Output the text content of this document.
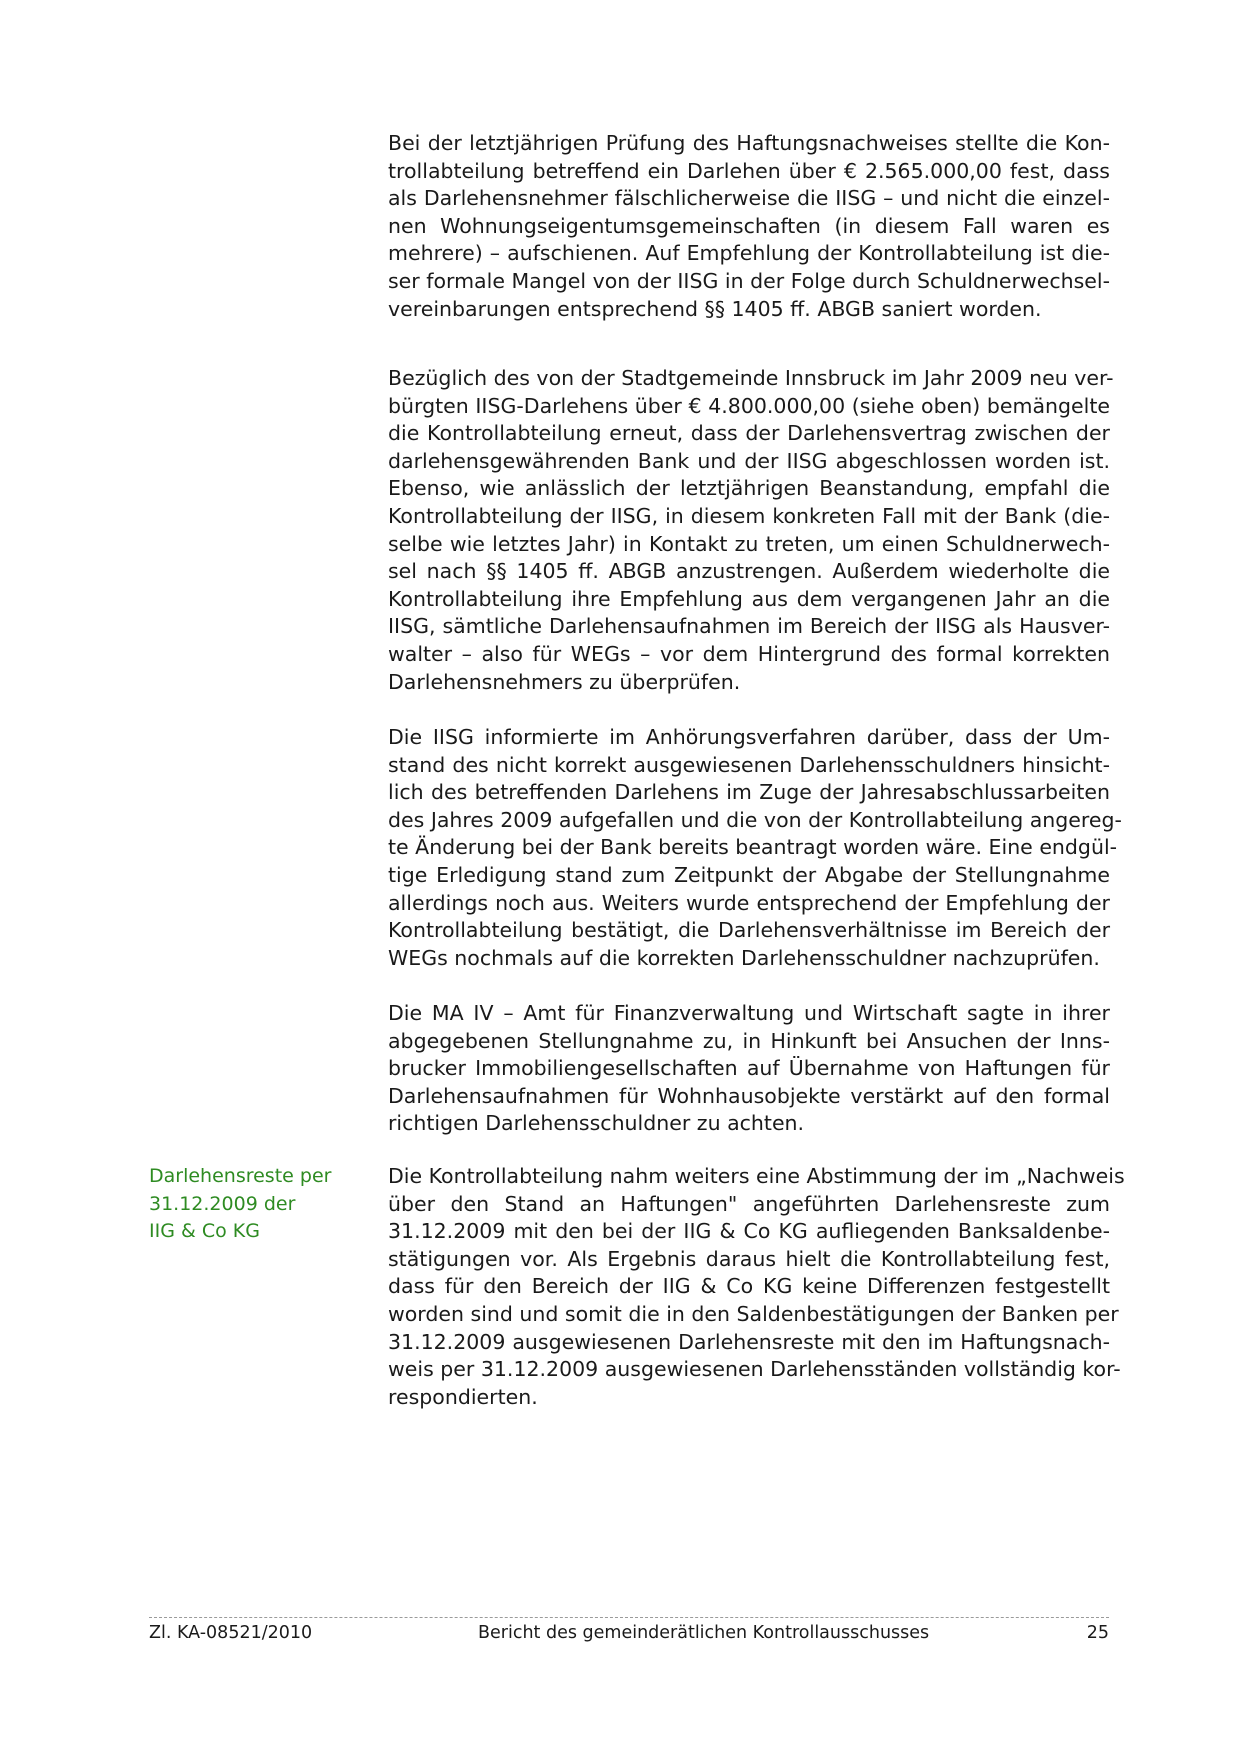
Bei der letztjährigen Prüfung des Haftungsnachweises stellte die Kon-
trollabteilung betreffend ein Darlehen über € 2.565.000,00 fest, dass
als Darlehensnehmer fälschlicherweise die IISG – und nicht die einzel-
nen Wohnungseigentumsgemeinschaften (in diesem Fall waren es
mehrere) – aufschienen. Auf Empfehlung der Kontrollabteilung ist die-
ser formale Mangel von der IISG in der Folge durch Schuldnerwechsel-
vereinbarungen entsprechend §§ 1405 ff. ABGB saniert worden.

Bezüglich des von der Stadtgemeinde Innsbruck im Jahr 2009 neu ver-
bürgten IISG-Darlehens über € 4.800.000,00 (siehe oben) bemängelte
die Kontrollabteilung erneut, dass der Darlehensvertrag zwischen der
darlehensgewährenden Bank und der IISG abgeschlossen worden ist.
Ebenso, wie anlässlich der letztjährigen Beanstandung, empfahl die
Kontrollabteilung der IISG, in diesem konkreten Fall mit der Bank (die-
selbe wie letztes Jahr) in Kontakt zu treten, um einen Schuldnerwech-
sel nach §§ 1405 ff. ABGB anzustrengen. Außerdem wiederholte die
Kontrollabteilung ihre Empfehlung aus dem vergangenen Jahr an die
IISG, sämtliche Darlehensaufnahmen im Bereich der IISG als Hausver-
walter – also für WEGs – vor dem Hintergrund des formal korrekten
Darlehensnehmers zu überprüfen.

Die IISG informierte im Anhörungsverfahren darüber, dass der Um-
stand des nicht korrekt ausgewiesenen Darlehensschuldners hinsicht-
lich des betreffenden Darlehens im Zuge der Jahresabschlussarbeiten
des Jahres 2009 aufgefallen und die von der Kontrollabteilung angereg-
te Änderung bei der Bank bereits beantragt worden wäre. Eine endgül-
tige Erledigung stand zum Zeitpunkt der Abgabe der Stellungnahme
allerdings noch aus. Weiters wurde entsprechend der Empfehlung der
Kontrollabteilung bestätigt, die Darlehensverhältnisse im Bereich der
WEGs nochmals auf die korrekten Darlehensschuldner nachzuprüfen.

Die MA IV – Amt für Finanzverwaltung und Wirtschaft sagte in ihrer
abgegebenen Stellungnahme zu, in Hinkunft bei Ansuchen der Inns-
brucker Immobiliengesellschaften auf Übernahme von Haftungen für
Darlehensaufnahmen für Wohnhausobjekte verstärkt auf den formal
richtigen Darlehensschuldner zu achten.

Darlehensreste per
31.12.2009 der
IIG & Co KG

Die Kontrollabteilung nahm weiters eine Abstimmung der im „Nachweis
über den Stand an Haftungen" angeführten Darlehensreste zum
31.12.2009 mit den bei der IIG & Co KG aufliegenden Banksaldenbe-
stätigungen vor. Als Ergebnis daraus hielt die Kontrollabteilung fest,
dass für den Bereich der IIG & Co KG keine Differenzen festgestellt
worden sind und somit die in den Saldenbestätigungen der Banken per
31.12.2009 ausgewiesenen Darlehensreste mit den im Haftungsnach-
weis per 31.12.2009 ausgewiesenen Darlehensständen vollständig kor-
respondierten.

Zl. KA-08521/2010	Bericht des gemeinderätlichen Kontrollausschusses	25
